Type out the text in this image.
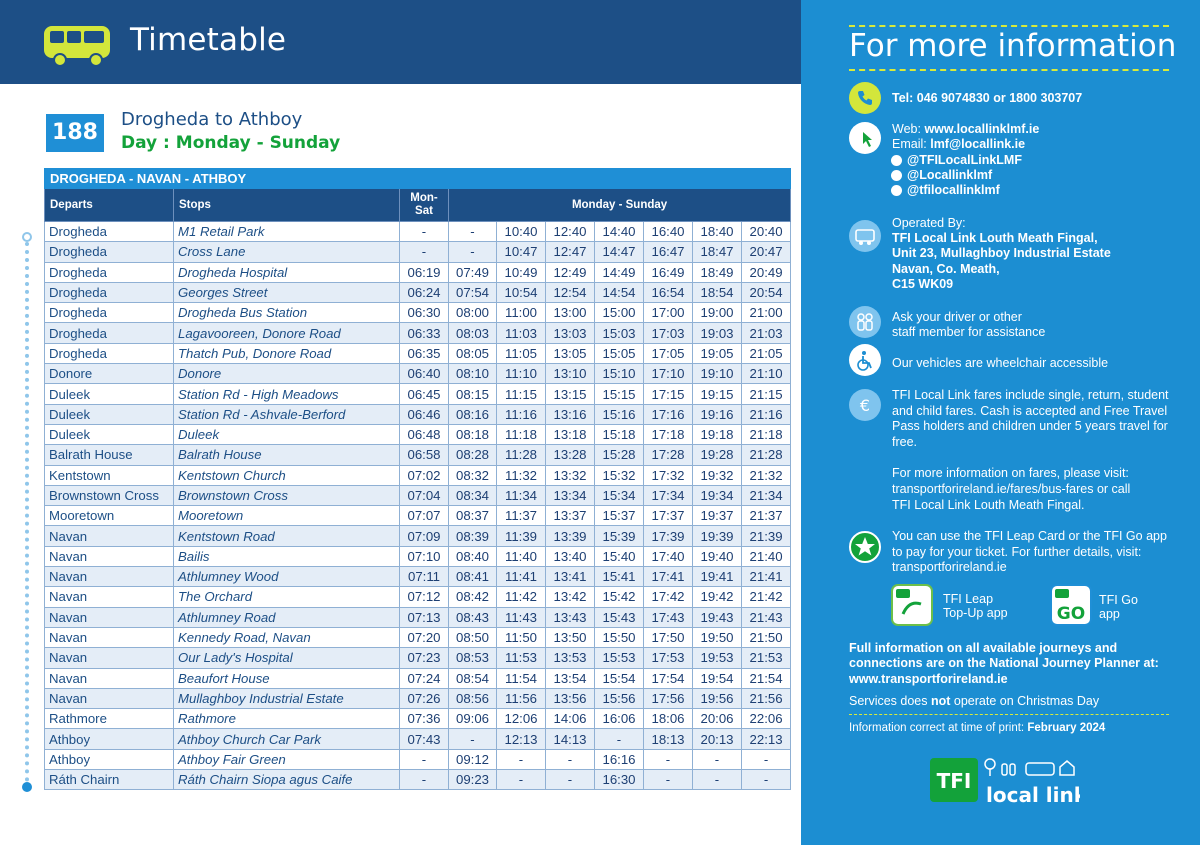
Timetable
188
Drogheda to Athboy
Day : Monday - Sunday
DROGHEDA - NAVAN - ATHBOY									
Departs	Stops	Mon-
Sat	Monday - Sunday						
Drogheda	M1 Retail Park	-	-	10:40	12:40	14:40	16:40	18:40	20:40
Drogheda	Cross Lane	-	-	10:47	12:47	14:47	16:47	18:47	20:47
Drogheda	Drogheda Hospital	06:19	07:49	10:49	12:49	14:49	16:49	18:49	20:49
Drogheda	Georges Street	06:24	07:54	10:54	12:54	14:54	16:54	18:54	20:54
Drogheda	Drogheda Bus Station	06:30	08:00	11:00	13:00	15:00	17:00	19:00	21:00
Drogheda	Lagavooreen, Donore Road	06:33	08:03	11:03	13:03	15:03	17:03	19:03	21:03
Drogheda	Thatch Pub, Donore Road	06:35	08:05	11:05	13:05	15:05	17:05	19:05	21:05
Donore	Donore	06:40	08:10	11:10	13:10	15:10	17:10	19:10	21:10
Duleek	Station Rd - High Meadows	06:45	08:15	11:15	13:15	15:15	17:15	19:15	21:15
Duleek	Station Rd - Ashvale-Berford	06:46	08:16	11:16	13:16	15:16	17:16	19:16	21:16
Duleek	Duleek	06:48	08:18	11:18	13:18	15:18	17:18	19:18	21:18
Balrath House	Balrath House	06:58	08:28	11:28	13:28	15:28	17:28	19:28	21:28
Kentstown	Kentstown Church	07:02	08:32	11:32	13:32	15:32	17:32	19:32	21:32
Brownstown Cross	Brownstown Cross	07:04	08:34	11:34	13:34	15:34	17:34	19:34	21:34
Mooretown	Mooretown	07:07	08:37	11:37	13:37	15:37	17:37	19:37	21:37
Navan	Kentstown Road	07:09	08:39	11:39	13:39	15:39	17:39	19:39	21:39
Navan	Bailis	07:10	08:40	11:40	13:40	15:40	17:40	19:40	21:40
Navan	Athlumney Wood	07:11	08:41	11:41	13:41	15:41	17:41	19:41	21:41
Navan	The Orchard	07:12	08:42	11:42	13:42	15:42	17:42	19:42	21:42
Navan	Athlumney Road	07:13	08:43	11:43	13:43	15:43	17:43	19:43	21:43
Navan	Kennedy Road, Navan	07:20	08:50	11:50	13:50	15:50	17:50	19:50	21:50
Navan	Our Lady's Hospital	07:23	08:53	11:53	13:53	15:53	17:53	19:53	21:53
Navan	Beaufort House	07:24	08:54	11:54	13:54	15:54	17:54	19:54	21:54
Navan	Mullaghboy Industrial Estate	07:26	08:56	11:56	13:56	15:56	17:56	19:56	21:56
Rathmore	Rathmore	07:36	09:06	12:06	14:06	16:06	18:06	20:06	22:06
Athboy	Athboy Church Car Park	07:43	-	12:13	14:13	-	18:13	20:13	22:13
Athboy	Athboy Fair Green	-	09:12	-	-	16:16	-	-	-
Ráth Chairn	Ráth Chairn Siopa agus Caife	-	09:23	-	-	16:30	-	-	-
For more information
Tel: 046 9074830 or 1800 303707
Web: www.locallinklmf.ie
Email: lmf@locallink.ie
@TFILocalLinkLMF
@Locallinklmf
@tfilocallinklmf
Operated By:
TFI Local Link Louth Meath Fingal,
Unit 23, Mullaghboy Industrial Estate
Navan, Co. Meath,
C15 WK09
Ask your driver or other
staff member for assistance
Our vehicles are wheelchair accessible
€
TFI Local Link fares include single, return, student
and child fares. Cash is accepted and Free Travel
Pass holders and children under 5 years travel for
free.
For more information on fares, please visit:
transportforireland.ie/fares/bus-fares or call
TFI Local Link Louth Meath Fingal.
You can use the TFI Leap Card or the TFI Go app
to pay for your ticket. For further details, visit:
transportforireland.ie
TFI Leap
Top-Up app	GO
TFI Go
app
Full information on all available journeys and
connections are on the National Journey Planner at:
www.transportforireland.ie
Services does not operate on Christmas Day
Information correct at time of print: February 2024
TFI
local link
